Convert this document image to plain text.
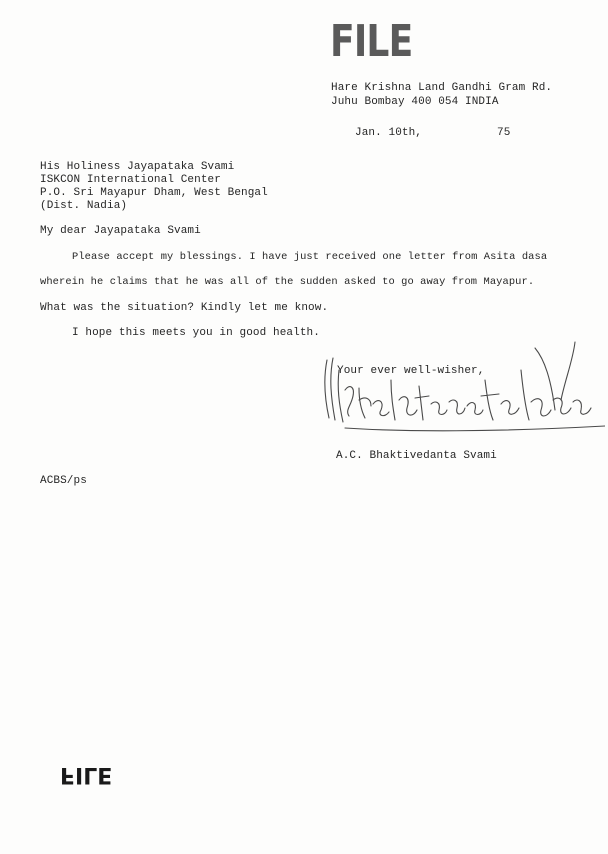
FILE
Hare Krishna Land Gandhi Gram Rd.
Juhu Bombay 400 054 INDIA
Jan. 10th,	75
His Holiness Jayapataka Svami
ISKCON International Center
P.O. Sri Mayapur Dham, West Bengal
(Dist. Nadia)
My dear Jayapataka Svami
Please accept my blessings. I have just received one letter from Asita dasa
wherein he claims that he was all of the sudden asked to go away from Mayapur.
What was the situation? Kindly let me know.
I hope this meets you in good health.
Your ever well-wisher,
A.C. Bhaktivedanta Svami
ACBS/ps
FILE
